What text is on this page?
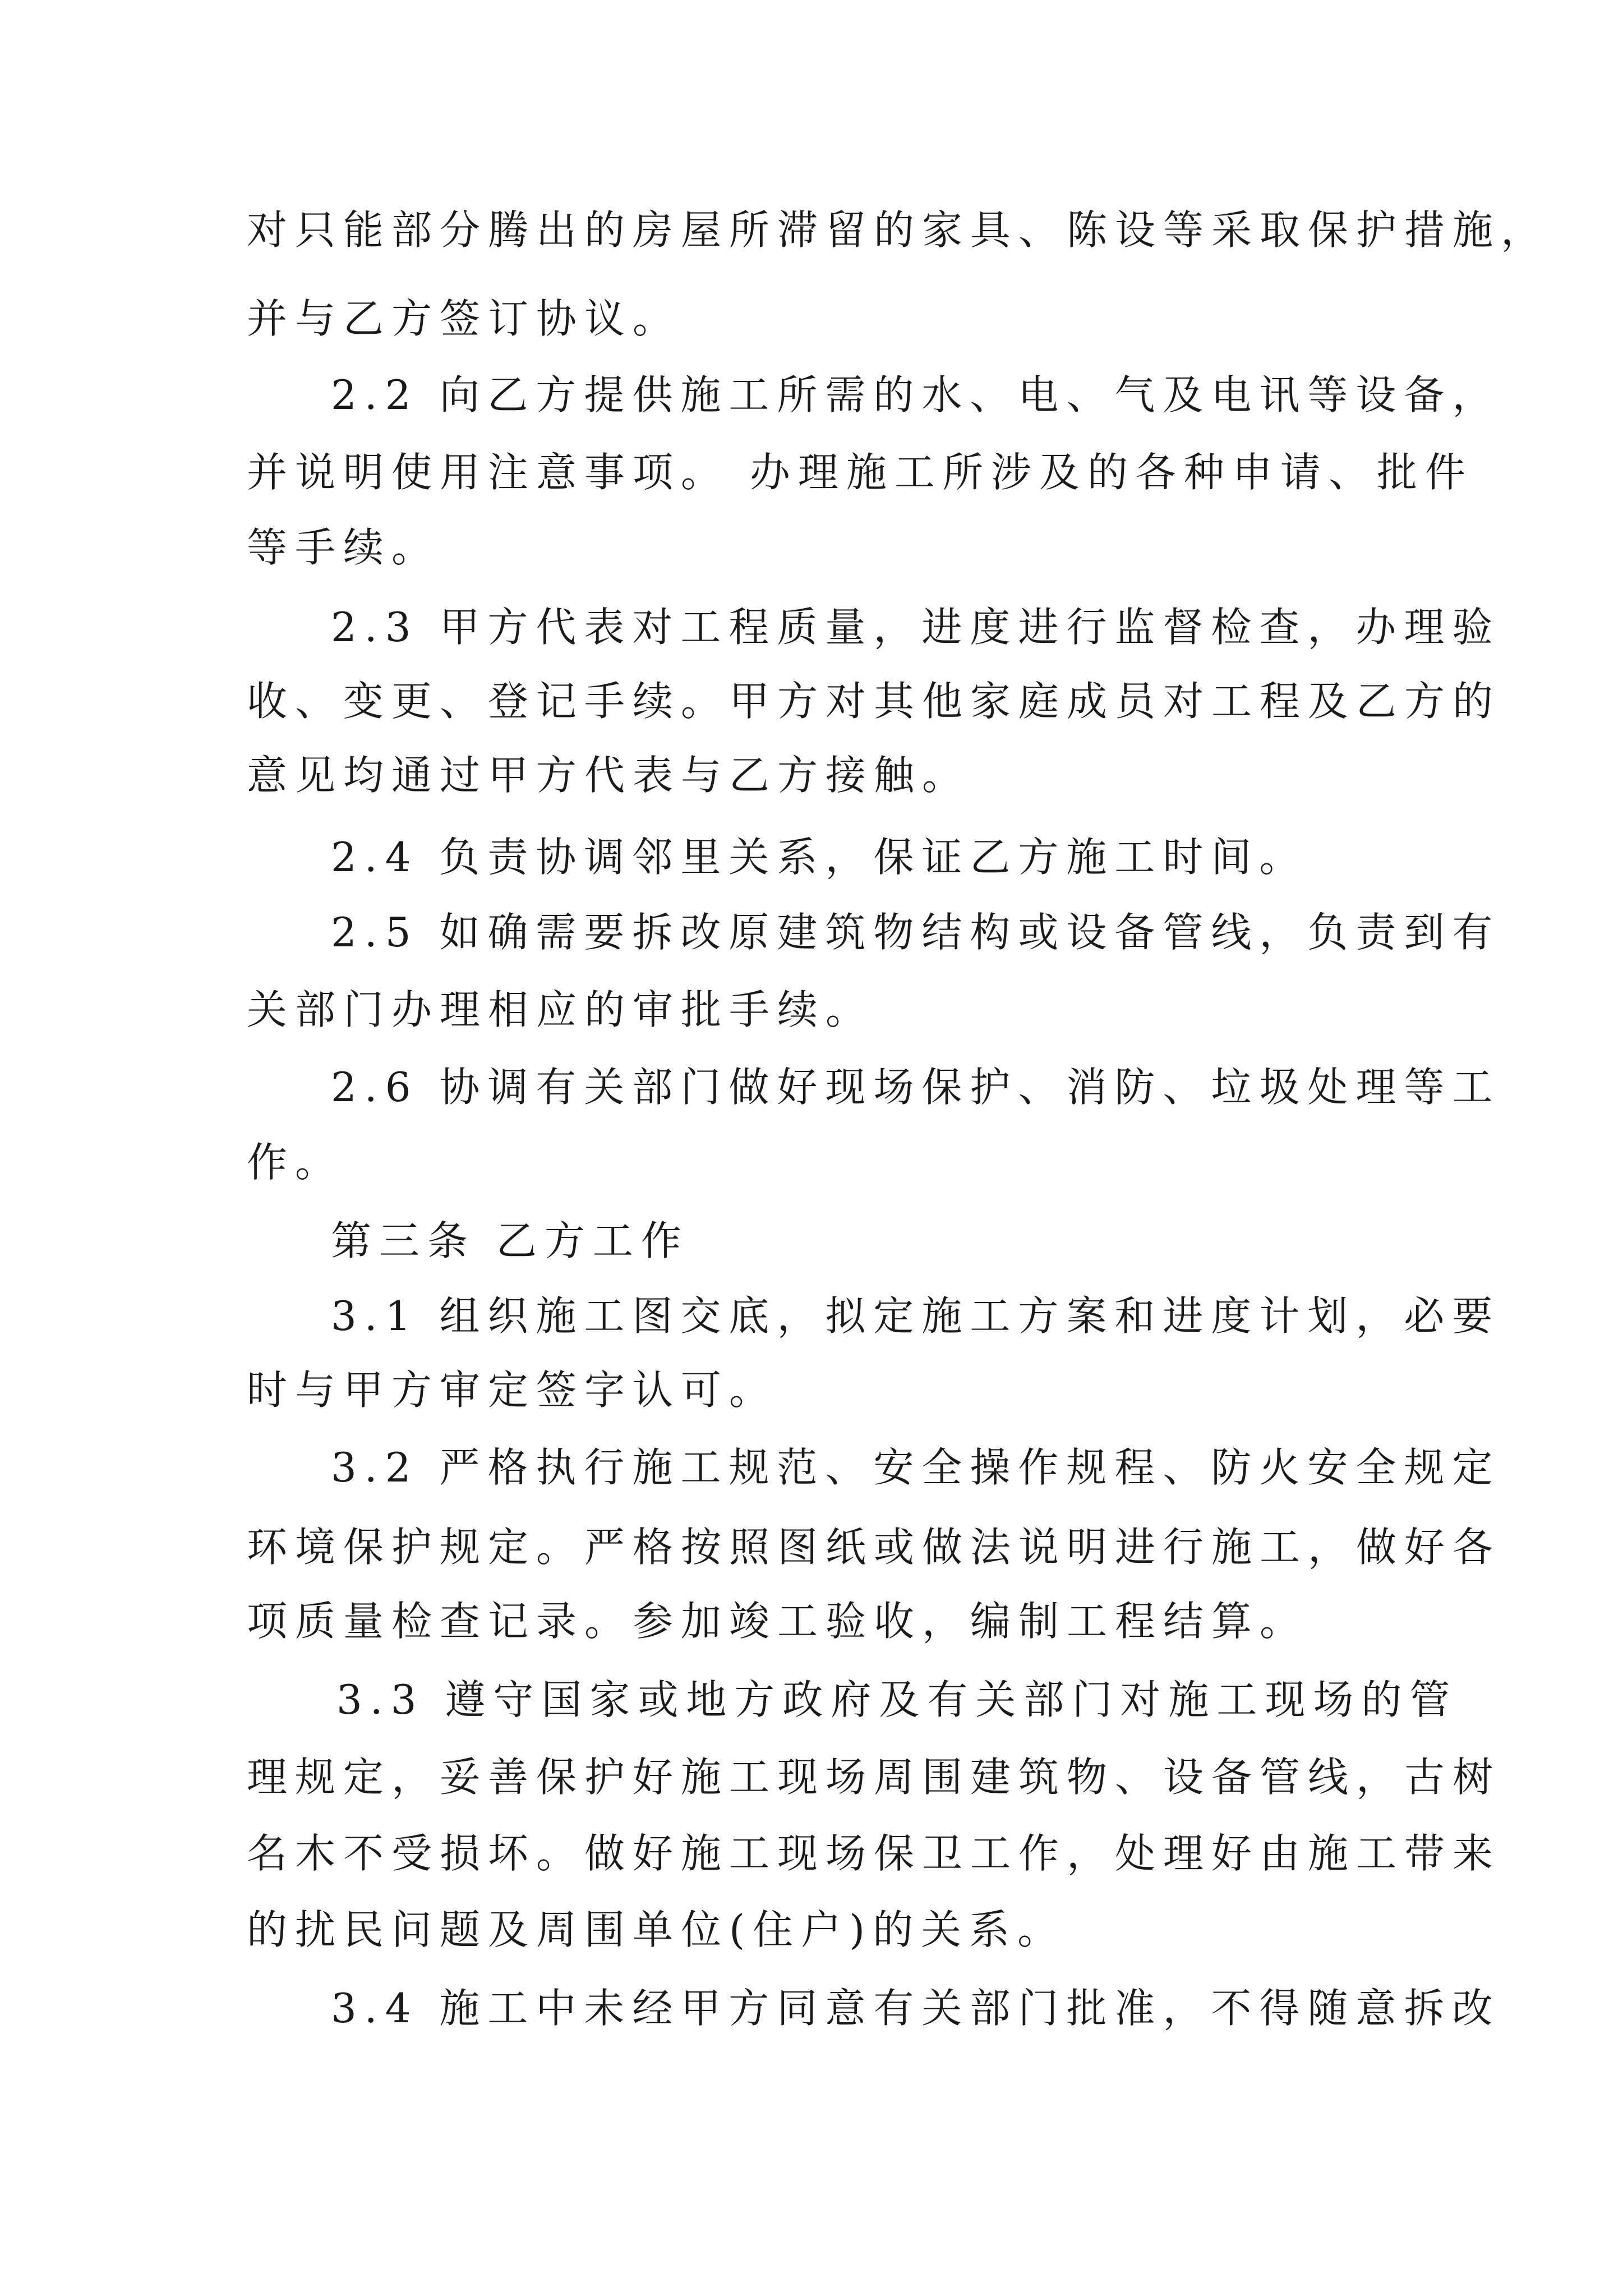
对只能部分腾出的房屋所滞留的家具、陈设等采取保护措施，

并与乙方签订协议。

2.2 向乙方提供施工所需的水、电、气及电讯等设备，

并说明使用注意事项。 办理施工所涉及的各种申请、批件

等手续。

2.3 甲方代表对工程质量，进度进行监督检查，办理验

收、变更、登记手续。甲方对其他家庭成员对工程及乙方的

意见均通过甲方代表与乙方接触。

2.4 负责协调邻里关系，保证乙方施工时间。

2.5 如确需要拆改原建筑物结构或设备管线，负责到有

关部门办理相应的审批手续。

2.6 协调有关部门做好现场保护、消防、垃圾处理等工

作。

第三条 乙方工作

3.1 组织施工图交底，拟定施工方案和进度计划，必要

时与甲方审定签字认可。

3.2 严格执行施工规范、安全操作规程、防火安全规定

环境保护规定。严格按照图纸或做法说明进行施工，做好各

项质量检查记录。参加竣工验收，编制工程结算。

3.3 遵守国家或地方政府及有关部门对施工现场的管

理规定，妥善保护好施工现场周围建筑物、设备管线，古树

名木不受损坏。做好施工现场保卫工作，处理好由施工带来

的扰民问题及周围单位(住户)的关系。

3.4 施工中未经甲方同意有关部门批准，不得随意拆改
